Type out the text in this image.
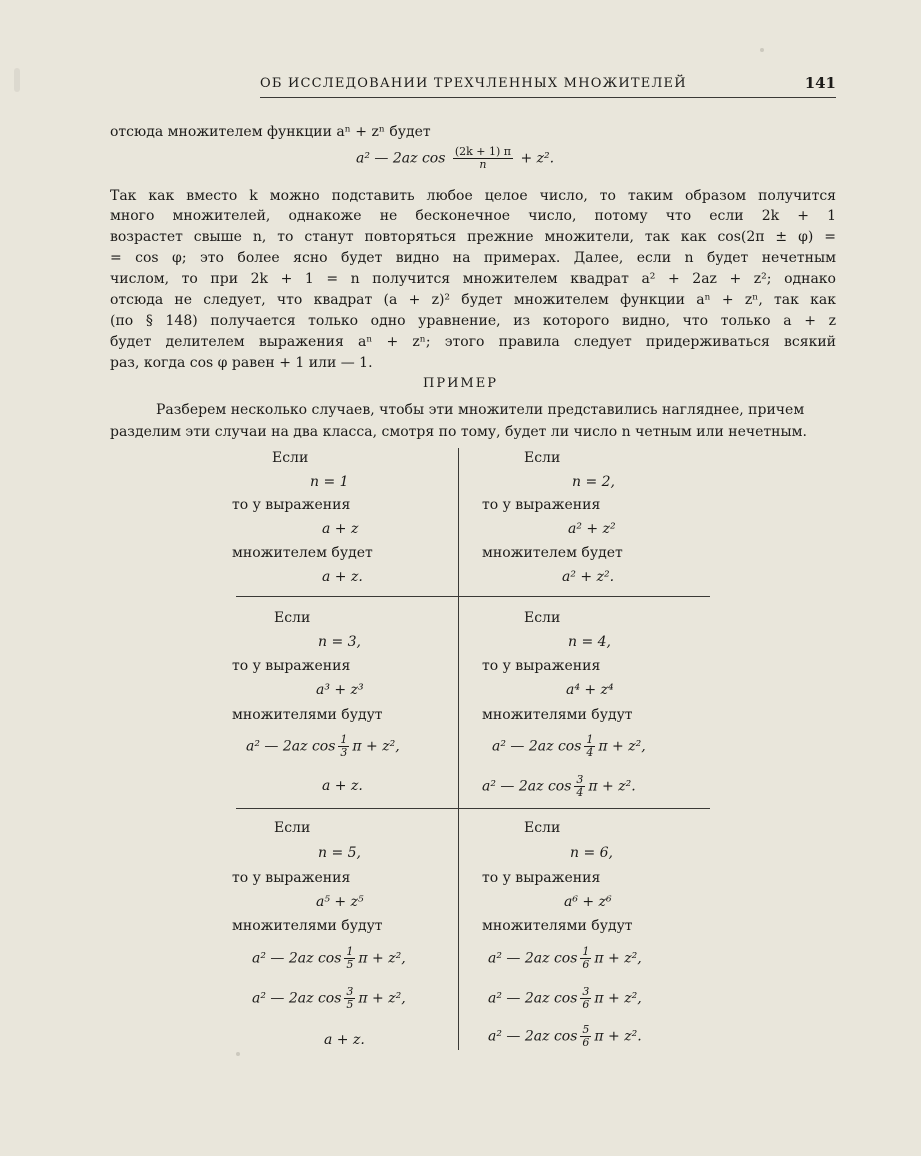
ОБ ИССЛЕДОВАНИИ ТРЕХЧЛЕННЫХ МНОЖИТЕЛЕЙ	141
отсюда множителем функции aⁿ + zⁿ будет
a² — 2az $\cos \frac{(2k + 1) \pi}{n} + z^2$.
Так как вместо k можно подставить любое целое число, то таким образом получится
много множителей, однакоже не бесконечное число, потому что если 2k + 1
возрастет свыше n, то станут повторяться прежние множители, так как cos(2π ± φ) =
= cos φ; это более ясно будет видно на примерах. Далее, если n будет нечетным
числом, то при 2k + 1 = n получится множителем квадрат a² + 2az + z²; однако
отсюда не следует, что квадрат (a + z)² будет множителем функции aⁿ + zⁿ, так как
(по § 148) получается только одно уравнение, из которого видно, что только a + z
будет делителем выражения aⁿ + zⁿ; этого правила следует придерживаться всякий
раз, когда cos φ равен + 1 или — 1.
ПРИМЕР
Разберем несколько случаев, чтобы эти множители представились нагляднее, причем
разделим эти случаи на два класса, смотря по тому, будет ли число n четным или нечетным.
Если
n = 1
то у выражения
a + z
множителем будет
a + z.
Если
n = 2,
то у выражения
a² + z²
множителем будет
a² + z².
Если
n = 3,
то у выражения
a³ + z³
множителями будут
a² — 2az $\cos \frac{1}{3}$ π + z²,
a + z.
Если
n = 4,
то у выражения
a⁴ + z⁴
множителями будут
a² — 2az $\cos \frac{1}{4}$ π + z²,
a² — 2az $\cos \frac{3}{4}$ π + z².
Если
n = 5,
то у выражения
a⁵ + z⁵
множителями будут
a² — 2az $\cos \frac{1}{5}$ π + z²,
a² — 2az $\cos \frac{3}{5}$ π + z²,
a + z.
Если
n = 6,
то у выражения
a⁶ + z⁶
множителями будут
a² — 2az $\cos \frac{1}{6}$ π + z²,
a² — 2az $\cos \frac{3}{6}$ π + z²,
a² — 2az $\cos \frac{5}{6}$ π + z².
